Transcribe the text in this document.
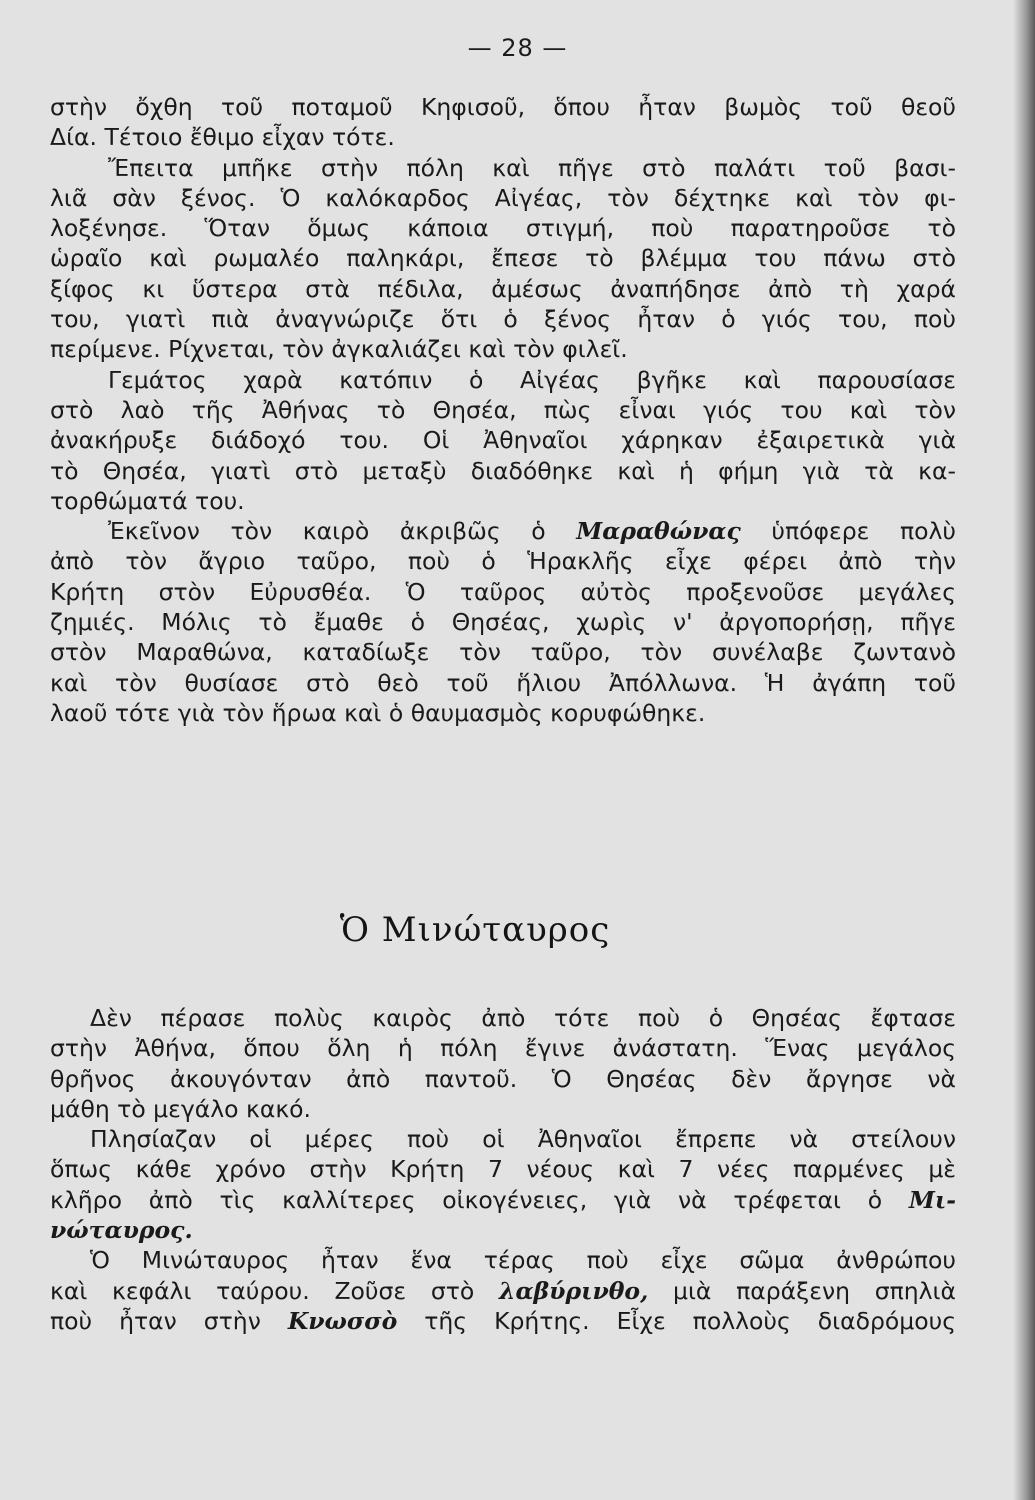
— 28 —
στὴν ὄχθη τοῦ ποταμοῦ Κηφισοῦ, ὅπου ἦταν βωμὸς τοῦ θεοῦ
Δία. Τέτοιο ἔθιμο εἶχαν τότε.
Ἔπειτα μπῆκε στὴν πόλη καὶ πῆγε στὸ παλάτι τοῦ βασι-
λιᾶ σὰν ξένος. Ὁ καλόκαρδος Αἰγέας, τὸν δέχτηκε καὶ τὸν φι-
λοξένησε. Ὅταν ὅμως κάποια στιγμή, ποὺ παρατηροῦσε τὸ
ὡραῖο καὶ ρωμαλέο παληκάρι, ἔπεσε τὸ βλέμμα του πάνω στὸ
ξίφος κι ὕστερα στὰ πέδιλα, ἀμέσως ἀναπήδησε ἀπὸ τὴ χαρά
του, γιατὶ πιὰ ἀναγνώριζε ὅτι ὁ ξένος ἦταν ὁ γιός του, ποὺ
περίμενε. Ρίχνεται, τὸν ἀγκαλιάζει καὶ τὸν φιλεῖ.
Γεμάτος χαρὰ κατόπιν ὁ Αἰγέας βγῆκε καὶ παρουσίασε
στὸ λαὸ τῆς Ἀθήνας τὸ Θησέα, πὼς εἶναι γιός του καὶ τὸν
ἀνακήρυξε διάδοχό του. Οἱ Ἀθηναῖοι χάρηκαν ἐξαιρετικὰ γιὰ
τὸ Θησέα, γιατὶ στὸ μεταξὺ διαδόθηκε καὶ ἡ φήμη γιὰ τὰ κα-
τορθώματά του.
Ἐκεῖνον τὸν καιρὸ ἀκριβῶς ὁ Μαραθώνας ὑπόφερε πολὺ
ἀπὸ τὸν ἄγριο ταῦρο, ποὺ ὁ Ἡρακλῆς εἶχε φέρει ἀπὸ τὴν
Κρήτη στὸν Εὐρυσθέα. Ὁ ταῦρος αὐτὸς προξενοῦσε μεγάλες
ζημιές. Μόλις τὸ ἔμαθε ὁ Θησέας, χωρὶς ν' ἀργοπορήσῃ, πῆγε
στὸν Μαραθώνα, καταδίωξε τὸν ταῦρο, τὸν συνέλαβε ζωντανὸ
καὶ τὸν θυσίασε στὸ θεὸ τοῦ ἥλιου Ἀπόλλωνα. Ἡ ἀγάπη τοῦ
λαοῦ τότε γιὰ τὸν ἥρωα καὶ ὁ θαυμασμὸς κορυφώθηκε.
Ὁ Μινώταυρος
Δὲν πέρασε πολὺς καιρὸς ἀπὸ τότε ποὺ ὁ Θησέας ἔφτασε
στὴν Ἀθήνα, ὅπου ὅλη ἡ πόλη ἔγινε ἀνάστατη. Ἕνας μεγάλος
θρῆνος ἀκουγόνταν ἀπὸ παντοῦ. Ὁ Θησέας δὲν ἄργησε νὰ
μάθη τὸ μεγάλο κακό.
Πλησίαζαν οἱ μέρες ποὺ οἱ Ἀθηναῖοι ἔπρεπε νὰ στείλουν
ὅπως κάθε χρόνο στὴν Κρήτη 7 νέους καὶ 7 νέες παρμένες μὲ
κλῆρο ἀπὸ τὶς καλλίτερες οἰκογένειες, γιὰ νὰ τρέφεται ὁ Μι-
νώταυρος.
Ὁ Μινώταυρος ἦταν ἕνα τέρας ποὺ εἶχε σῶμα ἀνθρώπου
καὶ κεφάλι ταύρου. Ζοῦσε στὸ λαβύρινθο, μιὰ παράξενη σπηλιὰ
ποὺ ἦταν στὴν Κνωσσὸ τῆς Κρήτης. Εἶχε πολλοὺς διαδρόμους
